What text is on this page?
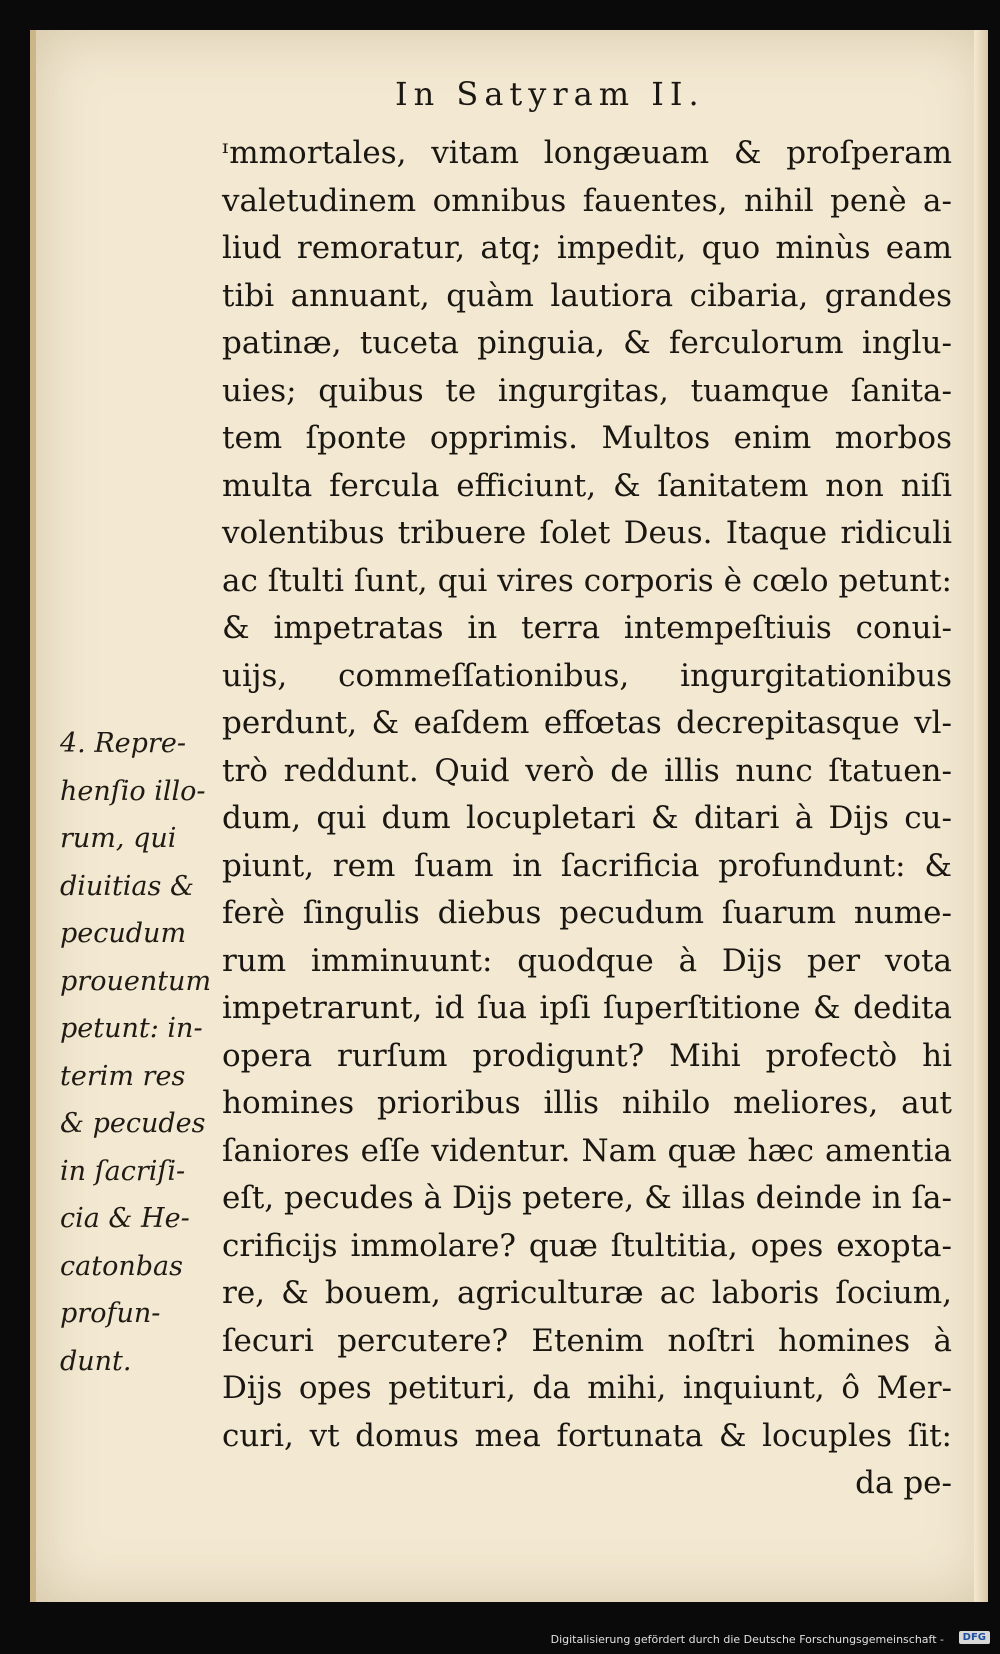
In Satyram II.
ᶦmmortales, vitam longæuam & proſperam
valetudinem omnibus fauentes, nihil penè a-
liud remoratur, atq; impedit, quo minùs eam
tibi annuant, quàm lautiora cibaria, grandes
patinæ, tuceta pinguia, & ferculorum inglu-
uies; quibus te ingurgitas, tuamque ſanita-
tem ſponte opprimis. Multos enim morbos
multa fercula efficiunt, & ſanitatem non niſi
volentibus tribuere ſolet Deus. Itaque ridiculi
ac ſtulti ſunt, qui vires corporis è cœlo petunt:
& impetratas in terra intempeſtiuis conui-
uijs, commeſſationibus, ingurgitationibus
perdunt, & eaſdem effœtas decrepitasque vl-
trò reddunt. Quid verò de illis nunc ſtatuen-
dum, qui dum locupletari & ditari à Dijs cu-
piunt, rem ſuam in ſacrificia profundunt: &
ferè ſingulis diebus pecudum ſuarum nume-
rum imminuunt: quodque à Dijs per vota
impetrarunt, id ſua ipſi ſuperſtitione & dedita
opera rurſum prodigunt? Mihi profectò hi
homines prioribus illis nihilo meliores, aut
ſaniores eſſe videntur. Nam quæ hæc amentia
eſt, pecudes à Dijs petere, & illas deinde in ſa-
crificijs immolare? quæ ſtultitia, opes exopta-
re, & bouem, agriculturæ ac laboris ſocium,
ſecuri percutere? Etenim noſtri homines à
Dijs opes petituri, da mihi, inquiunt, ô Mer-
curi, vt domus mea fortunata & locuples ſit:
da pe-
4. Repre-
henſio illo-
rum, qui
diuitias &
pecudum
prouentum
petunt: in-
terim res
& pecudes
in ſacriſi-
cia & He-
catonbas
profun-
dunt.
Digitalisierung gefördert durch die Deutsche Forschungsgemeinschaft -	DFG
